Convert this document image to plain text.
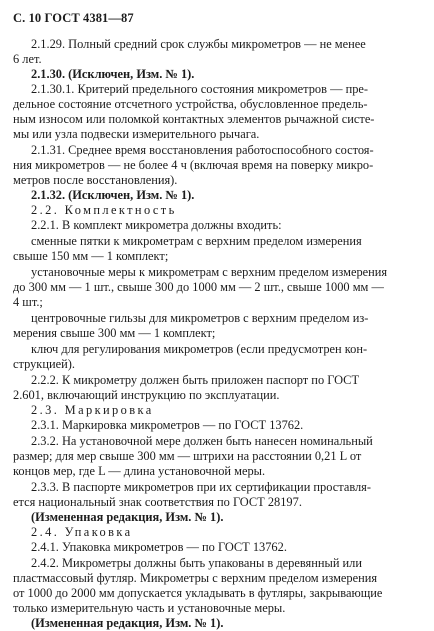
С. 10 ГОСТ 4381—87
2.1.29. Полный средний срок службы микрометров — не менее
6 лет.
2.1.30. (Исключен, Изм. № 1).
2.1.30.1. Критерий предельного состояния микрометров — пре-
дельное состояние отсчетного устройства, обусловленное предель-
ным износом или поломкой контактных элементов рычажной систе-
мы или узла подвески измерительного рычага.
2.1.31. Среднее время восстановления работоспособного состоя-
ния микрометров — не более 4 ч (включая время на поверку микро-
метров после восстановления).
2.1.32. (Исключен, Изм. № 1).
2.2. Комплектность
2.2.1. В комплект микрометра должны входить:
сменные пятки к микрометрам с верхним пределом измерения
свыше 150 мм — 1 комплект;
установочные меры к микрометрам с верхним пределом измерения
до 300 мм — 1 шт., свыше 300 до 1000 мм — 2 шт., свыше 1000 мм —
4 шт.;
центровочные гильзы для микрометров с верхним пределом из-
мерения свыше 300 мм — 1 комплект;
ключ для регулирования микрометров (если предусмотрен кон-
струкцией).
2.2.2. К микрометру должен быть приложен паспорт по ГОСТ
2.601, включающий инструкцию по эксплуатации.
2.3. Маркировка
2.3.1. Маркировка микрометров — по ГОСТ 13762.
2.3.2. На установочной мере должен быть нанесен номинальный
размер; для мер свыше 300 мм — штрихи на расстоянии 0,21 L от
концов мер, где L — длина установочной меры.
2.3.3. В паспорте микрометров при их сертификации проставля-
ется национальный знак соответствия по ГОСТ 28197.
(Измененная редакция, Изм. № 1).
2.4. Упаковка
2.4.1. Упаковка микрометров — по ГОСТ 13762.
2.4.2. Микрометры должны быть упакованы в деревянный или
пластмассовый футляр. Микрометры с верхним пределом измерения
от 1000 до 2000 мм допускается укладывать в футляры, закрывающие
только измерительную часть и установочные меры.
(Измененная редакция, Изм. № 1).
